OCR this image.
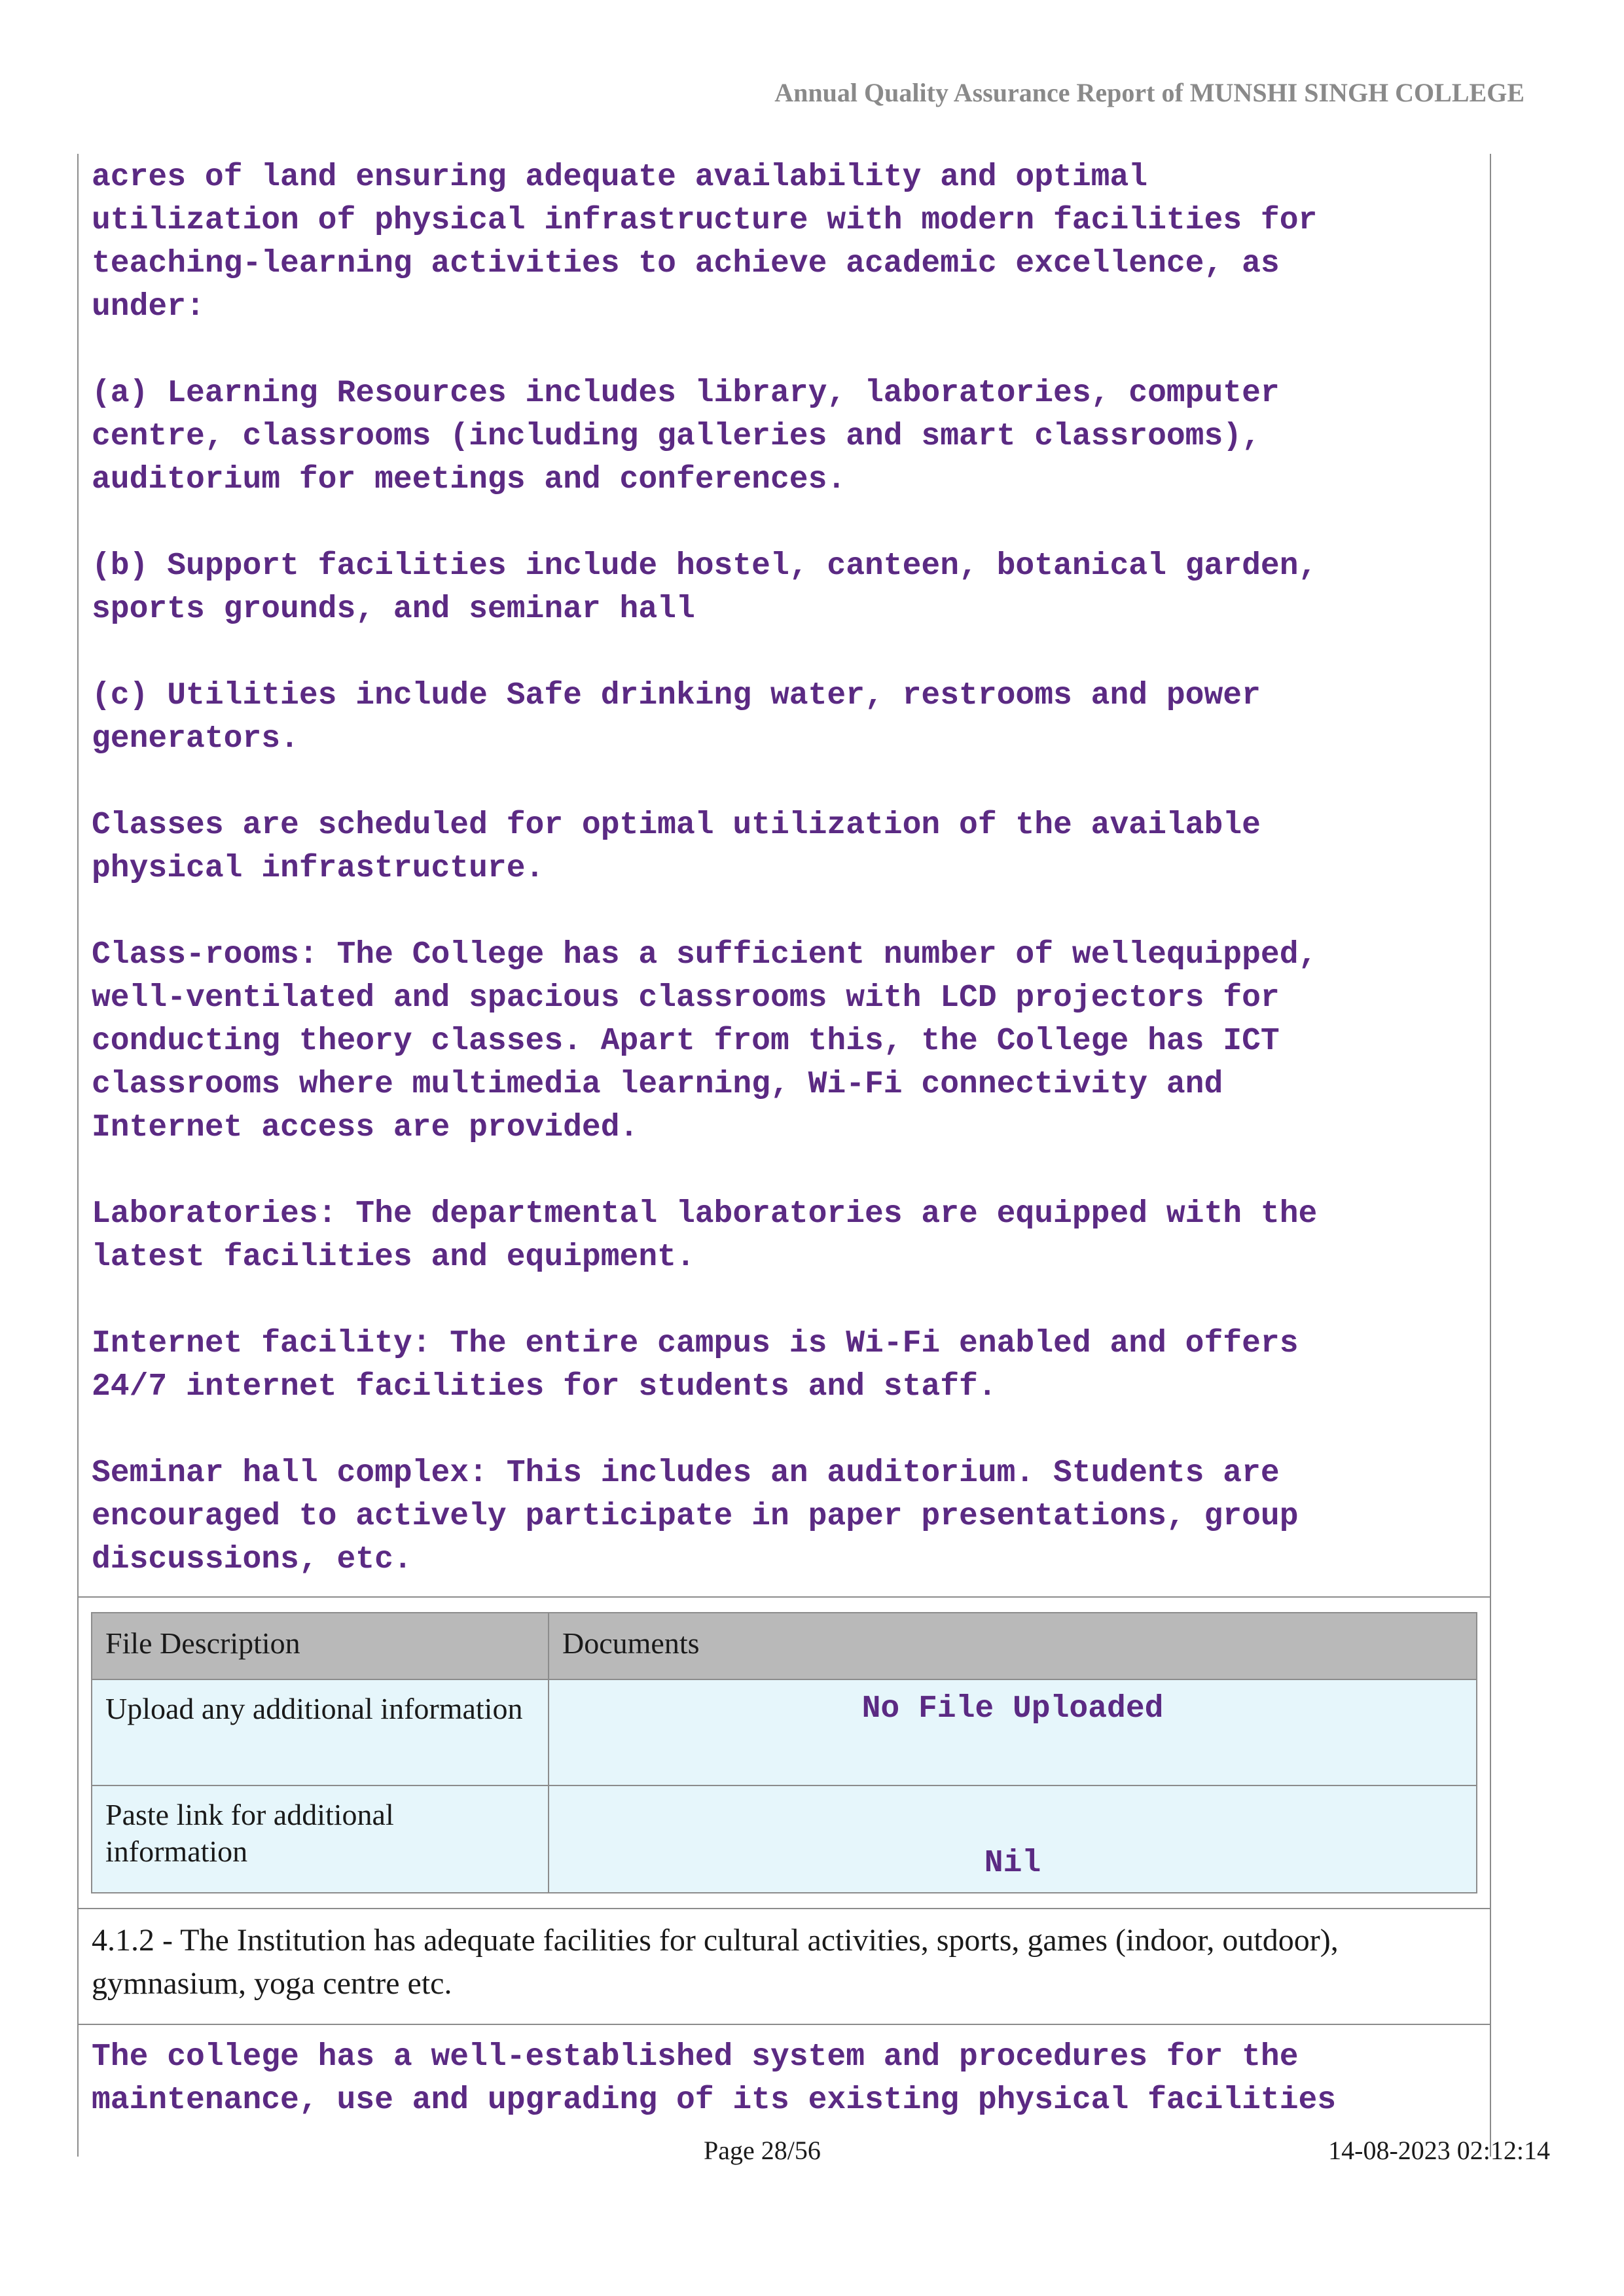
Annual Quality Assurance Report of MUNSHI SINGH COLLEGE
acres of land ensuring adequate availability and optimal
utilization of physical infrastructure with modern facilities for
teaching-learning activities to achieve academic excellence, as
under:
(a) Learning Resources includes library, laboratories, computer
centre, classrooms (including galleries and smart classrooms),
auditorium for meetings and conferences.
(b) Support facilities include hostel, canteen, botanical garden,
sports grounds, and seminar hall
(c) Utilities include Safe drinking water, restrooms and power
generators.
Classes are scheduled for optimal utilization of the available
physical infrastructure.
Class-rooms: The College has a sufficient number of wellequipped,
well-ventilated and spacious classrooms with LCD projectors for
conducting theory classes. Apart from this, the College has ICT
classrooms where multimedia learning, Wi-Fi connectivity and
Internet access are provided.
Laboratories: The departmental laboratories are equipped with the
latest facilities and equipment.
Internet facility: The entire campus is Wi-Fi enabled and offers
24/7 internet facilities for students and staff.
Seminar hall complex: This includes an auditorium. Students are
encouraged to actively participate in paper presentations, group
discussions, etc.
File Description	Documents
Upload any additional information	No File Uploaded
Paste link for additional information	Nil

4.1.2 - The Institution has adequate facilities for cultural activities, sports, games (indoor, outdoor), gymnasium, yoga centre etc.

The college has a well-established system and procedures for the
maintenance, use and upgrading of its existing physical facilities
Page 28/56	14-08-2023 02:12:14
